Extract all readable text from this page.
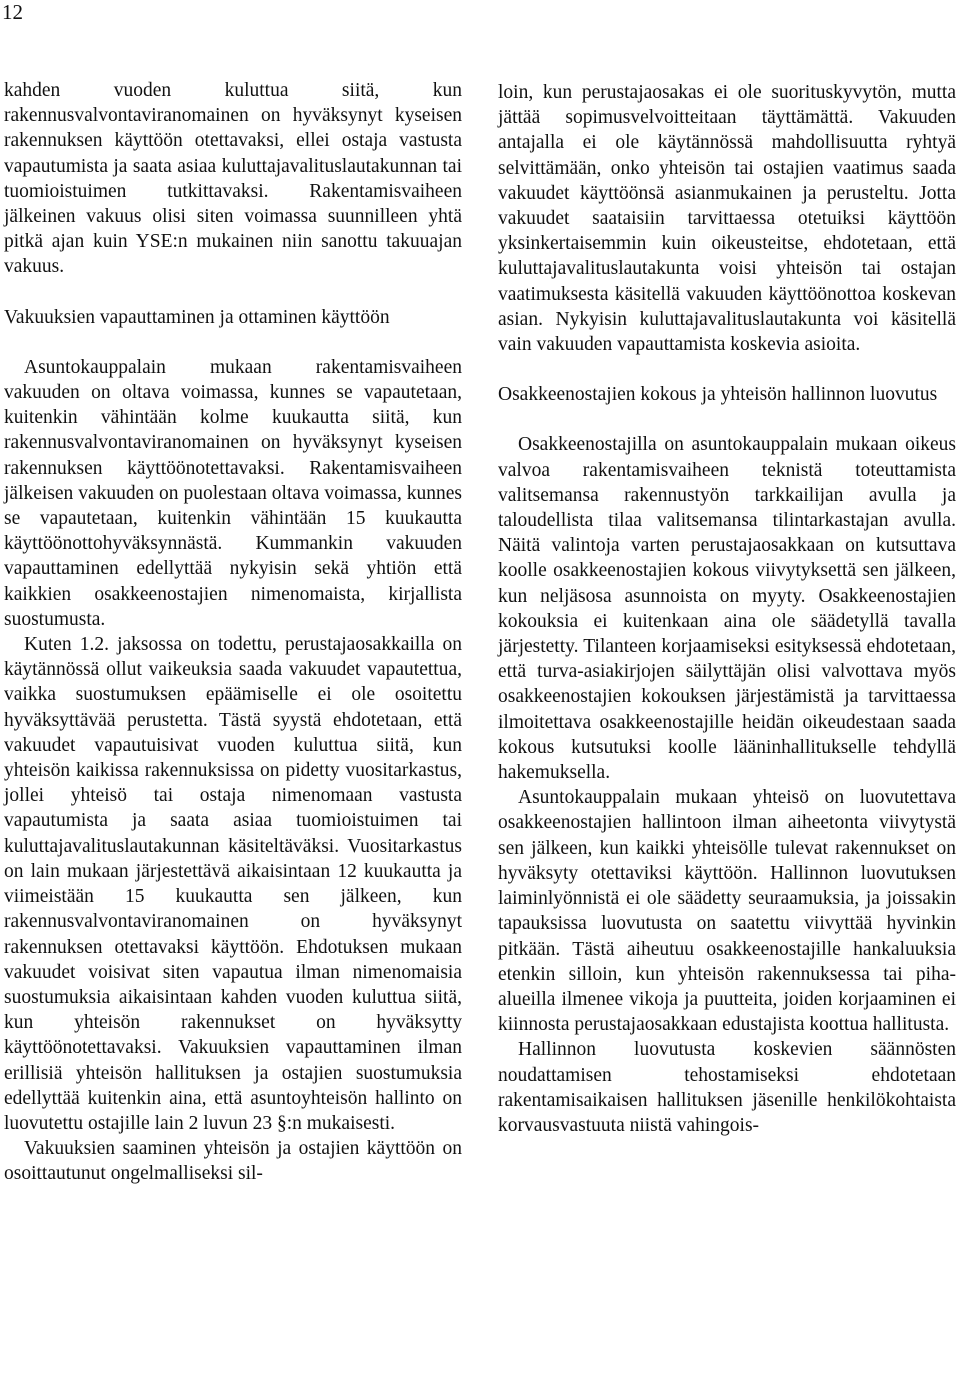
12

kahden vuoden kuluttua siitä, kun rakennusvalvontaviranomainen on hyväksynyt kyseisen rakennuksen käyttöön otettavaksi, ellei ostaja vastusta vapautumista ja saata asiaa kuluttajavalituslautakunnan tai tuomioistuimen tutkittavaksi. Rakentamisvaiheen jälkeinen vakuus olisi siten voimassa suunnilleen yhtä pitkä ajan kuin YSE:n mukainen niin sanottu takuuajan vakuus.

Vakuuksien vapauttaminen ja ottaminen käyttöön

Asuntokauppalain mukaan rakentamisvaiheen vakuuden on oltava voimassa, kunnes se vapautetaan, kuitenkin vähintään kolme kuukautta siitä, kun rakennusvalvontaviranomainen on hyväksynyt kyseisen rakennuksen käyttöönotettavaksi. Rakentamisvaiheen jälkeisen vakuuden on puolestaan oltava voimassa, kunnes se vapautetaan, kuitenkin vähintään 15 kuukautta käyttöönottohyväksynnästä. Kummankin vakuuden vapauttaminen edellyttää nykyisin sekä yhtiön että kaikkien osakkeenostajien nimenomaista, kirjallista suostumusta.

Kuten 1.2. jaksossa on todettu, perustajaosakkailla on käytännössä ollut vaikeuksia saada vakuudet vapautettua, vaikka suostumuksen epäämiselle ei ole osoitettu hyväksyttävää perustetta. Tästä syystä ehdotetaan, että vakuudet vapautuisivat vuoden kuluttua siitä, kun yhteisön kaikissa rakennuksissa on pidetty vuositarkastus, jollei yhteisö tai ostaja nimenomaan vastusta vapautumista ja saata asiaa tuomioistuimen tai kuluttajavalituslautakunnan käsiteltäväksi. Vuositarkastus on lain mukaan järjestettävä aikaisintaan 12 kuukautta ja viimeistään 15 kuukautta sen jälkeen, kun rakennusvalvontaviranomainen on hyväksynyt rakennuksen otettavaksi käyttöön. Ehdotuksen mukaan vakuudet voisivat siten vapautua ilman nimenomaisia suostumuksia aikaisintaan kahden vuoden kuluttua siitä, kun yhteisön rakennukset on hyväksytty käyttöönotettavaksi. Vakuuksien vapauttaminen ilman erillisiä yhteisön hallituksen ja ostajien suostumuksia edellyttää kuitenkin aina, että asuntoyhteisön hallinto on luovutettu ostajille lain 2 luvun 23 §:n mukaisesti.

Vakuuksien saaminen yhteisön ja ostajien käyttöön on osoittautunut ongelmalliseksi sil-

loin, kun perustajaosakas ei ole suorituskyvytön, mutta jättää sopimusvelvoitteitaan täyttämättä. Vakuuden antajalla ei ole käytännössä mahdollisuutta ryhtyä selvittämään, onko yhteisön tai ostajien vaatimus saada vakuudet käyttöönsä asianmukainen ja perusteltu. Jotta vakuudet saataisiin tarvittaessa otetuiksi käyttöön yksinkertaisemmin kuin oikeusteitse, ehdotetaan, että kuluttajavalituslautakunta voisi yhteisön tai ostajan vaatimuksesta käsitellä vakuuden käyttöönottoa koskevan asian. Nykyisin kuluttajavalituslautakunta voi käsitellä vain vakuuden vapauttamista koskevia asioita.

Osakkeenostajien kokous ja yhteisön hallinnon luovutus

Osakkeenostajilla on asuntokauppalain mukaan oikeus valvoa rakentamisvaiheen teknistä toteuttamista valitsemansa rakennustyön tarkkailijan avulla ja taloudellista tilaa valitsemansa tilintarkastajan avulla. Näitä valintoja varten perustajaosakkaan on kutsuttava koolle osakkeenostajien kokous viivytyksettä sen jälkeen, kun neljäsosa asunnoista on myyty. Osakkeenostajien kokouksia ei kuitenkaan aina ole säädetyllä tavalla järjestetty. Tilanteen korjaamiseksi esityksessä ehdotetaan, että turva-asiakirjojen säilyttäjän olisi valvottava myös osakkeenostajien kokouksen järjestämistä ja tarvittaessa ilmoitettava osakkeenostajille heidän oikeudestaan saada kokous kutsutuksi koolle lääninhallitukselle tehdyllä hakemuksella.

Asuntokauppalain mukaan yhteisö on luovutettava osakkeenostajien hallintoon ilman aiheetonta viivytystä sen jälkeen, kun kaikki yhteisölle tulevat rakennukset on hyväksyty otettaviksi käyttöön. Hallinnon luovutuksen laiminlyönnistä ei ole säädetty seuraamuksia, ja joissakin tapauksissa luovutusta on saatettu viivyttää hyvinkin pitkään. Tästä aiheutuu osakkeenostajille hankaluuksia etenkin silloin, kun yhteisön rakennuksessa tai piha-alueilla ilmenee vikoja ja puutteita, joiden korjaaminen ei kiinnosta perustajaosakkaan edustajista koottua hallitusta.

Hallinnon luovutusta koskevien säännösten noudattamisen tehostamiseksi ehdotetaan rakentamisaikaisen hallituksen jäsenille henkilökohtaista korvausvastuuta niistä vahingois-
